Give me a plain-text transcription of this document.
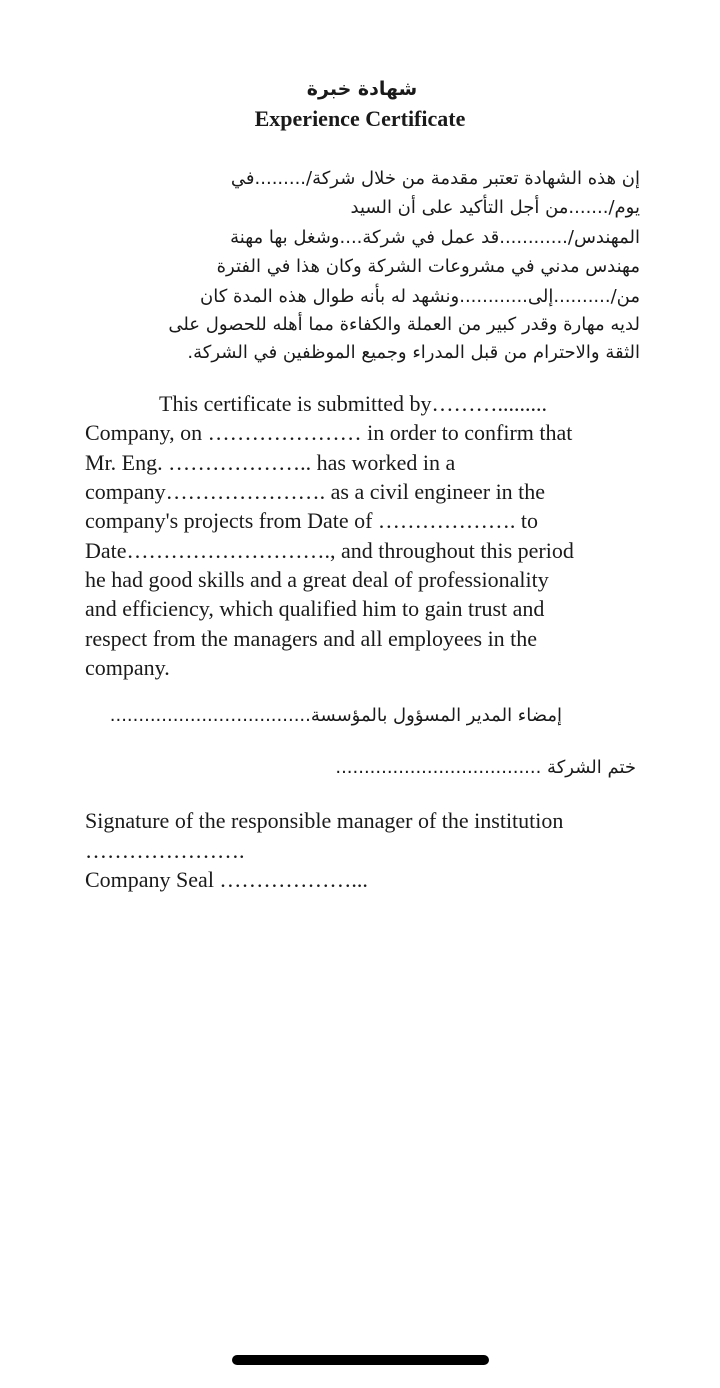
شهادة خبرة
Experience Certificate
إن هذه الشهادة تعتبر مقدمة من خلال شركة/.........في
يوم/.......من أجل التأكيد على أن السيد
المهندس/............قد عمل في شركة....وشغل بها مهنة
مهندس مدني في مشروعات الشركة وكان هذا في الفترة
من/..........إلى............ونشهد له بأنه طوال هذه المدة كان
لديه مهارة وقدر كبير من العملة والكفاءة مما أهله للحصول على
الثقة والاحترام من قبل المدراء وجميع الموظفين في الشركة.
This certificate is submitted by……….........
Company, on ………………… in order to confirm that
Mr. Eng. ……………….. has worked in a
company…………………. as a civil engineer in the
company's projects from Date of ………………. to
Date………………………., and throughout this period
he had good skills and a great deal of professionality
and efficiency, which qualified him to gain trust and
respect from the managers and all employees in the
company.
إمضاء المدير المسؤول بالمؤسسة............…....................
ختم الشركة ....................................
Signature of the responsible manager of the institution
………………….
Company Seal ………………...
